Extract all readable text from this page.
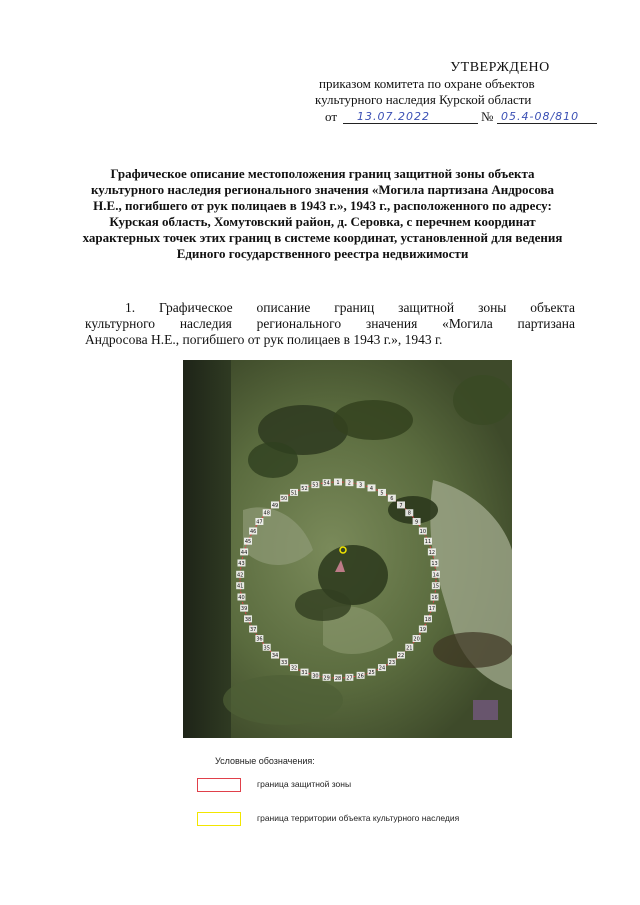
УТВЕРЖДЕНО
приказом комитета по охране объектов
культурного наследия Курской области
от 13.07.2022	№ 05.4-08/810
Графическое описание местоположения границ защитной зоны объекта культурного наследия регионального значения «Могила партизана Андросова Н.Е., погибшего от рук полицаев в 1943 г.», 1943 г., расположенного по адресу: Курская область, Хомутовский район, д. Серовка, с перечнем координат характерных точек этих границ в системе координат, установленной для ведения Единого государственного реестра недвижимости
1. Графическое описание границ защитной зоны объекта
культурного наследия регионального значения «Могила партизана
Андросова Н.Е., погибшего от рук полицаев в 1943 г.», 1943 г.
1 2 3
4
5
6
7
8
9
10
11
12
13
14
15
16
17
18
19
20
21
22
23
24
25
26
27
28
29
30
31
32
33
34
35
36
37
38
39
40
41
42
43
44
45
46
47
48
49
50
51
52
53 54
Условные обозначения:
граница защитной зоны
граница территории объекта культурного наследия
